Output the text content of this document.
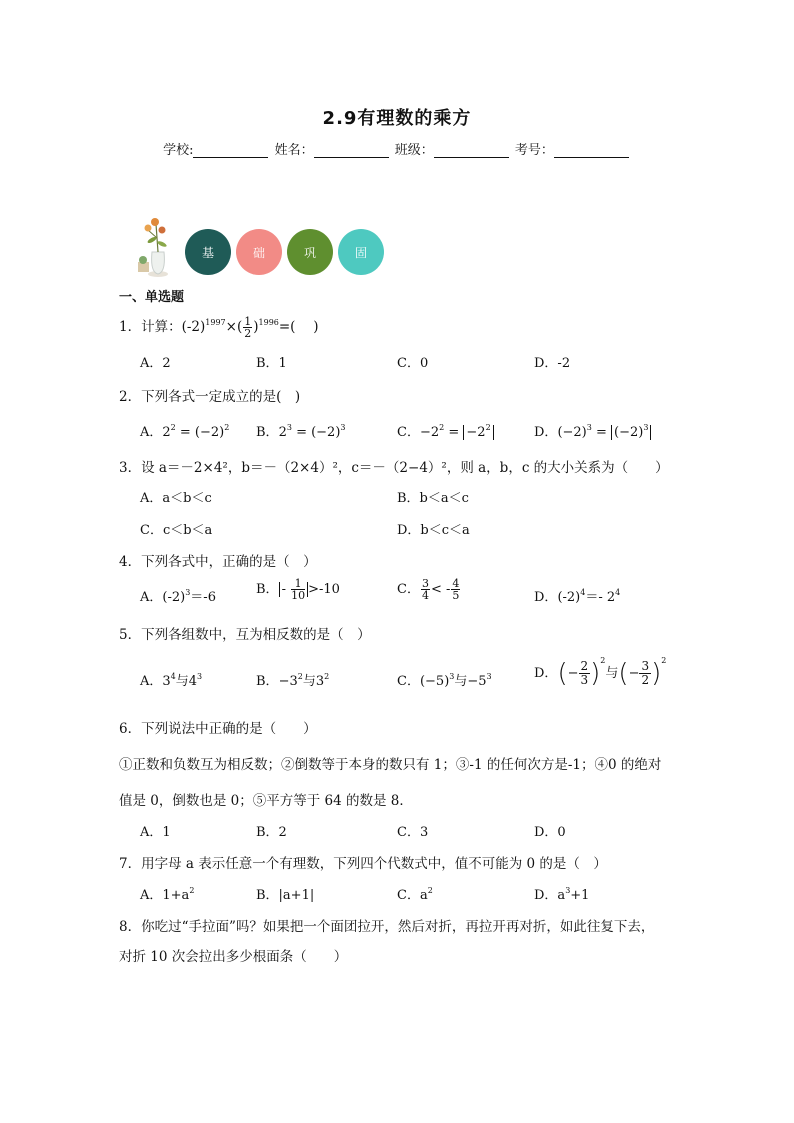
2.9有理数的乘方
学校:	姓名：	班级：	考号：
基	础	巩	固
一、单选题
1．计算：$(-2)^{1997}\times( \frac{1}{2} )^{1996}=$(　 )
A．2	B．1	C．0	D．-2
2．下列各式一定成立的是(　)
A．$2^2 = (-2)^2$ B．$2^3 = (-2)^3$	C．$-2^2 = -2^2$	D．$(-2)^3 = (-2)^3$
3．设 a＝－2×4²，b＝－（2×4）²，c＝－（2−4）²，则 a，b，c 的大小关系为（　　）
A．a＜b＜c	B．b＜a＜c
C．c＜b＜a	D．b＜c＜a
4．下列各式中，正确的是（　）
A．$(-2)^3=-6$
B． - $\frac{1}{10} >-10$	C． $\frac{3}{4}$ < - $\frac{4}{5}$	D．$(-2)^4=-$ $2^4$
5．下列各组数中，互为相反数的是（　）
A．$3^4$与$4^3$	B．$-3^2$与$3^2$	C．$(-5)^3$与$-5^3$	D．(− $\frac{2}{3} )^2$与(− $\frac{3}{2} )^2$
6．下列说法中正确的是（　　）
①正数和负数互为相反数；②倒数等于本身的数只有 1；③-1 的任何次方是-1；④0 的绝对
值是 0，倒数也是 0；⑤平方等于 64 的数是 8．
A．1	B．2	C．3	D．0
7．用字母 a 表示任意一个有理数，下列四个代数式中，值不可能为 0 的是（　）
A．$1+a^2$	B．|a+1|	C．$a^2$	D．$a^3+1$
8．你吃过“手拉面”吗？如果把一个面团拉开，然后对折，再拉开再对折，如此往复下去，
对折 10 次会拉出多少根面条（　　）
